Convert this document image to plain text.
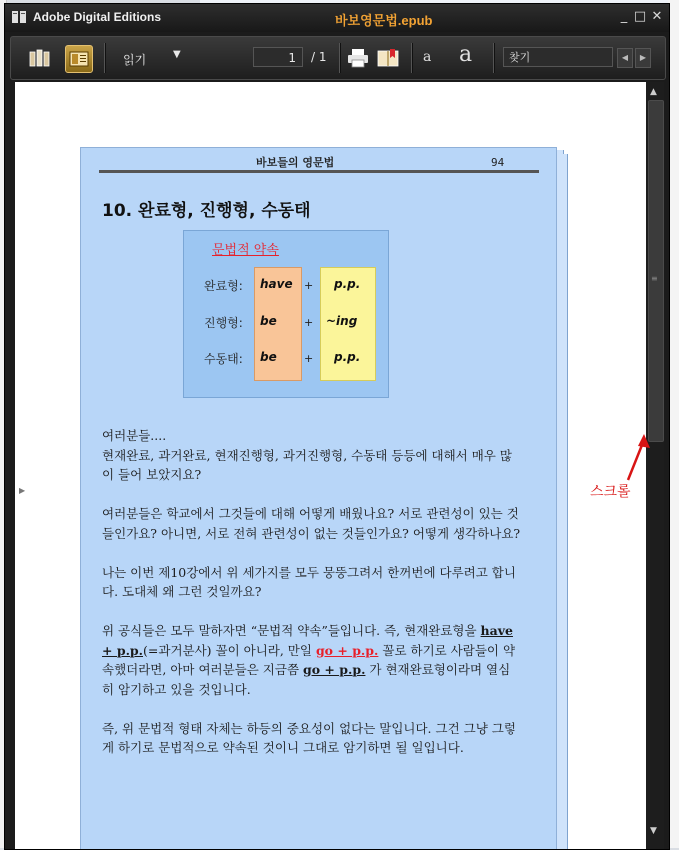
Adobe Digital Editions	바보영문법.epub	_ □ ✕
읽기	▼	1	/ 1	a a	찾기	◀	▶
▶
바보들의 영문법	94
10. 완료형, 진행형, 수동태
문법적 약속
완료형: have + p.p.
진행형: be + ~ing
수동태: be + p.p.

여러분들....
현재완료, 과거완료, 현재진행형, 과거진행형, 수동태 등등에 대해서 매우 많이 들어 보았지요?

여러분들은 학교에서 그것들에 대해 어떻게 배웠나요? 서로 관련성이 있는 것들인가요? 아니면, 서로 전혀 관련성이 없는 것들인가요? 어떻게 생각하나요?

나는 이번 제10강에서 위 세가지를 모두 뭉뚱그려서 한꺼번에 다루려고 합니다. 도대체 왜 그런 것일까요?

위 공식들은 모두 말하자면 “문법적 약속”들입니다. 즉, 현재완료형을 have + p.p.(=과거분사) 꼴이 아니라, 만일 go + p.p. 꼴로 하기로 사람들이 약속했더라면, 아마 여러분들은 지금쯤 go + p.p. 가 현재완료형이라며 열심히 암기하고 있을 것입니다.

즉, 위 문법적 형태 자체는 하등의 중요성이 없다는 말입니다. 그건 그냥 그렇게 하기로 문법적으로 약속된 것이니 그대로 암기하면 될 일입니다.

▲
≡
▼
스크롤
